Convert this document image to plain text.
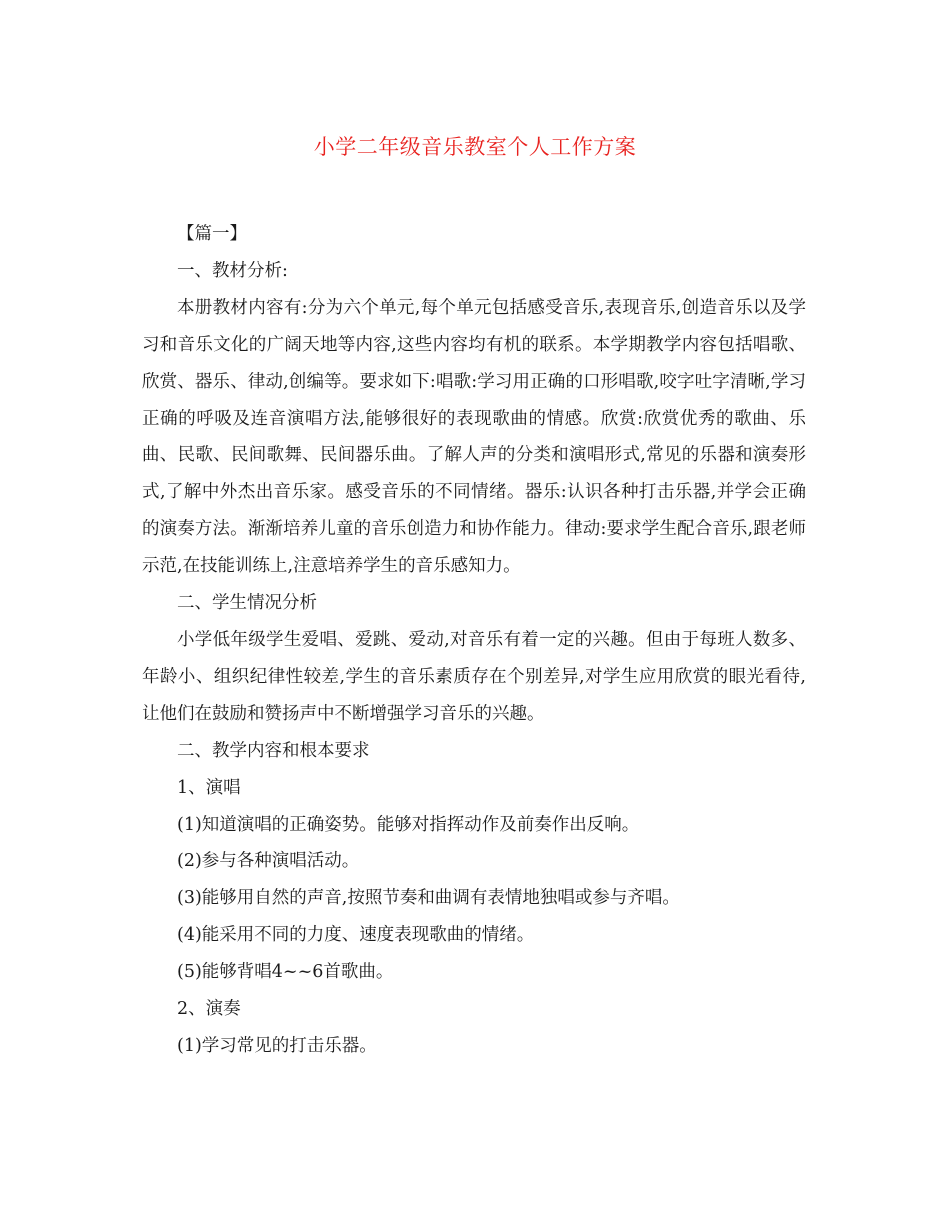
小学二年级音乐教室个人工作方案

【篇一】

一、教材分析:

本册教材内容有:分为六个单元,每个单元包括感受音乐,表现音乐,创造音乐以及学习和音乐文化的广阔天地等内容,这些内容均有机的联系。本学期教学内容包括唱歌、欣赏、器乐、律动,创编等。要求如下:唱歌:学习用正确的口形唱歌,咬字吐字清晰,学习正确的呼吸及连音演唱方法,能够很好的表现歌曲的情感。欣赏:欣赏优秀的歌曲、乐曲、民歌、民间歌舞、民间器乐曲。了解人声的分类和演唱形式,常见的乐器和演奏形式,了解中外杰出音乐家。感受音乐的不同情绪。器乐:认识各种打击乐器,并学会正确的演奏方法。渐渐培养儿童的音乐创造力和协作能力。律动:要求学生配合音乐,跟老师示范,在技能训练上,注意培养学生的音乐感知力。

二、学生情况分析

小学低年级学生爱唱、爱跳、爱动,对音乐有着一定的兴趣。但由于每班人数多、年龄小、组织纪律性较差,学生的音乐素质存在个别差异,对学生应用欣赏的眼光看待,让他们在鼓励和赞扬声中不断增强学习音乐的兴趣。

二、教学内容和根本要求

1、演唱

(1)知道演唱的正确姿势。能够对指挥动作及前奏作出反响。

(2)参与各种演唱活动。

(3)能够用自然的声音,按照节奏和曲调有表情地独唱或参与齐唱。

(4)能采用不同的力度、速度表现歌曲的情绪。

(5)能够背唱4~~6首歌曲。

2、演奏

(1)学习常见的打击乐器。
